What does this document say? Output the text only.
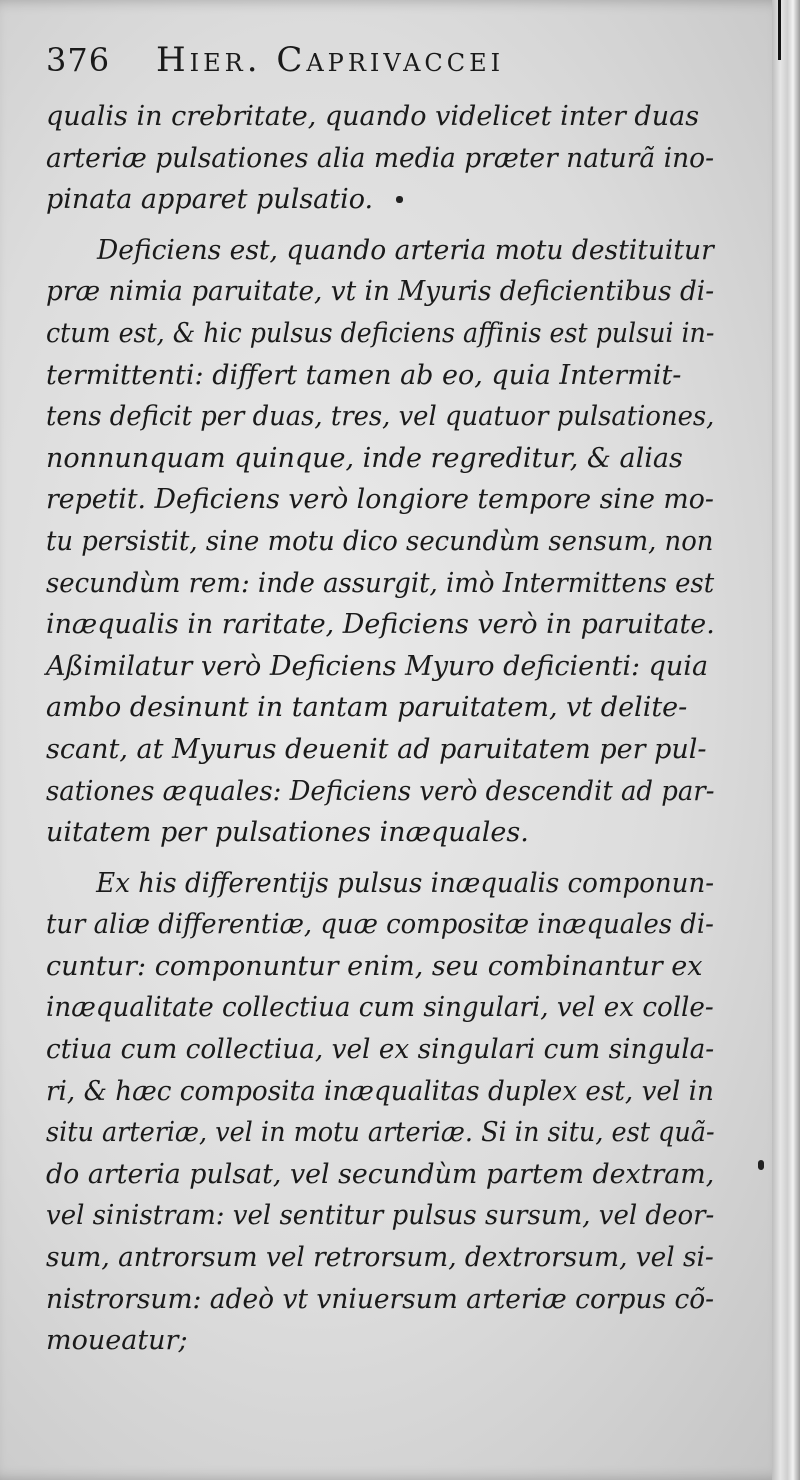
376	Hier. Caprivaccei
qualis in crebritate, quando videlicet inter duas
arteriæ pulsationes alia media præter naturã ino-
pinata apparet pulsatio.
Deficiens est, quando arteria motu destituitur
præ nimia paruitate, vt in Myuris deficientibus di-
ctum est, & hic pulsus deficiens affinis est pulsui in-
termittenti: differt tamen ab eo, quia Intermit-
tens deficit per duas, tres, vel quatuor pulsationes,
nonnunquam quinque, inde regreditur, & alias
repetit. Deficiens verò longiore tempore sine mo-
tu persistit, sine motu dico secundùm sensum, non
secundùm rem: inde assurgit, imò Intermittens est
inæqualis in raritate, Deficiens verò in paruitate.
Aßimilatur verò Deficiens Myuro deficienti: quia
ambo desinunt in tantam paruitatem, vt delite-
scant, at Myurus deuenit ad paruitatem per pul-
sationes æquales: Deficiens verò descendit ad par-
uitatem per pulsationes inæquales.
Ex his differentijs pulsus inæqualis componun-
tur aliæ differentiæ, quæ compositæ inæquales di-
cuntur: componuntur enim, seu combinantur ex
inæqualitate collectiua cum singulari, vel ex colle-
ctiua cum collectiua, vel ex singulari cum singula-
ri, & hæc composita inæqualitas duplex est, vel in
situ arteriæ, vel in motu arteriæ. Si in situ, est quã-
do arteria pulsat, vel secundùm partem dextram,
vel sinistram: vel sentitur pulsus sursum, vel deor-
sum, antrorsum vel retrorsum, dextrorsum, vel si-
nistrorsum: adeò vt vniuersum arteriæ corpus cõ-
moueatur;
